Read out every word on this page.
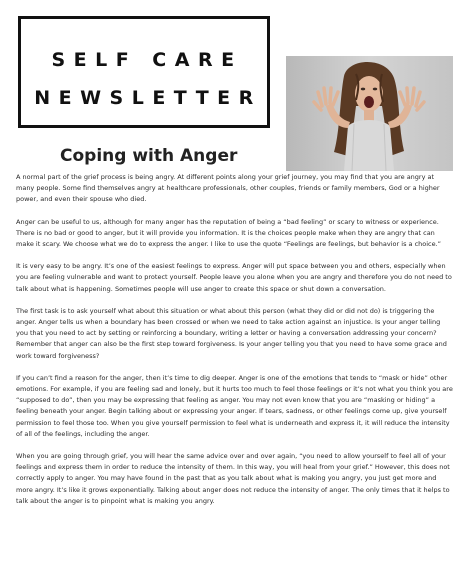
SELF CARE
NEWSLETTER
Coping with Anger

A normal part of the grief process is being angry. At different points along your grief journey, you may find that you are angry at many people. Some find themselves angry at healthcare professionals, other couples, friends or family members, God or a higher power, and even their spouse who died.

Anger can be useful to us, although for many anger has the reputation of being a “bad feeling” or scary to witness or experience. There is no bad or good to anger, but it will provide you information. It is the choices people make when they are angry that can make it scary. We choose what we do to express the anger. I like to use the quote “Feelings are feelings, but behavior is a choice.”

It is very easy to be angry. It’s one of the easiest feelings to express. Anger will put space between you and others, especially when you are feeling vulnerable and want to protect yourself. People leave you alone when you are angry and therefore you do not need to talk about what is happening. Sometimes people will use anger to create this space or shut down a conversation.

The first task is to ask yourself what about this situation or what about this person (what they did or did not do) is triggering the anger. Anger tells us when a boundary has been crossed or when we need to take action against an injustice. Is your anger telling you that you need to act by setting or reinforcing a boundary, writing a letter or having a conversation addressing your concern? Remember that anger can also be the first step toward forgiveness. Is your anger telling you that you need to have some grace and work toward forgiveness?

If you can’t find a reason for the anger, then it’s time to dig deeper. Anger is one of the emotions that tends to “mask or hide” other emotions. For example, if you are feeling sad and lonely, but it hurts too much to feel those feelings or it’s not what you think you are “supposed to do”, then you may be expressing that feeling as anger. You may not even know that you are “masking or hiding” a feeling beneath your anger. Begin talking about or expressing your anger. If tears, sadness, or other feelings come up, give yourself permission to feel those too. When you give yourself permission to feel what is underneath and express it, it will reduce the intensity of all of the feelings, including the anger.

When you are going through grief, you will hear the same advice over and over again, “you need to allow yourself to feel all of your feelings and express them in order to reduce the intensity of them. In this way, you will heal from your grief.” However, this does not correctly apply to anger. You may have found in the past that as you talk about what is making you angry, you just get more and more angry. It’s like it grows exponentially. Talking about anger does not reduce the intensity of anger. The only times that it helps to talk about the anger is to pinpoint what is making you angry.
